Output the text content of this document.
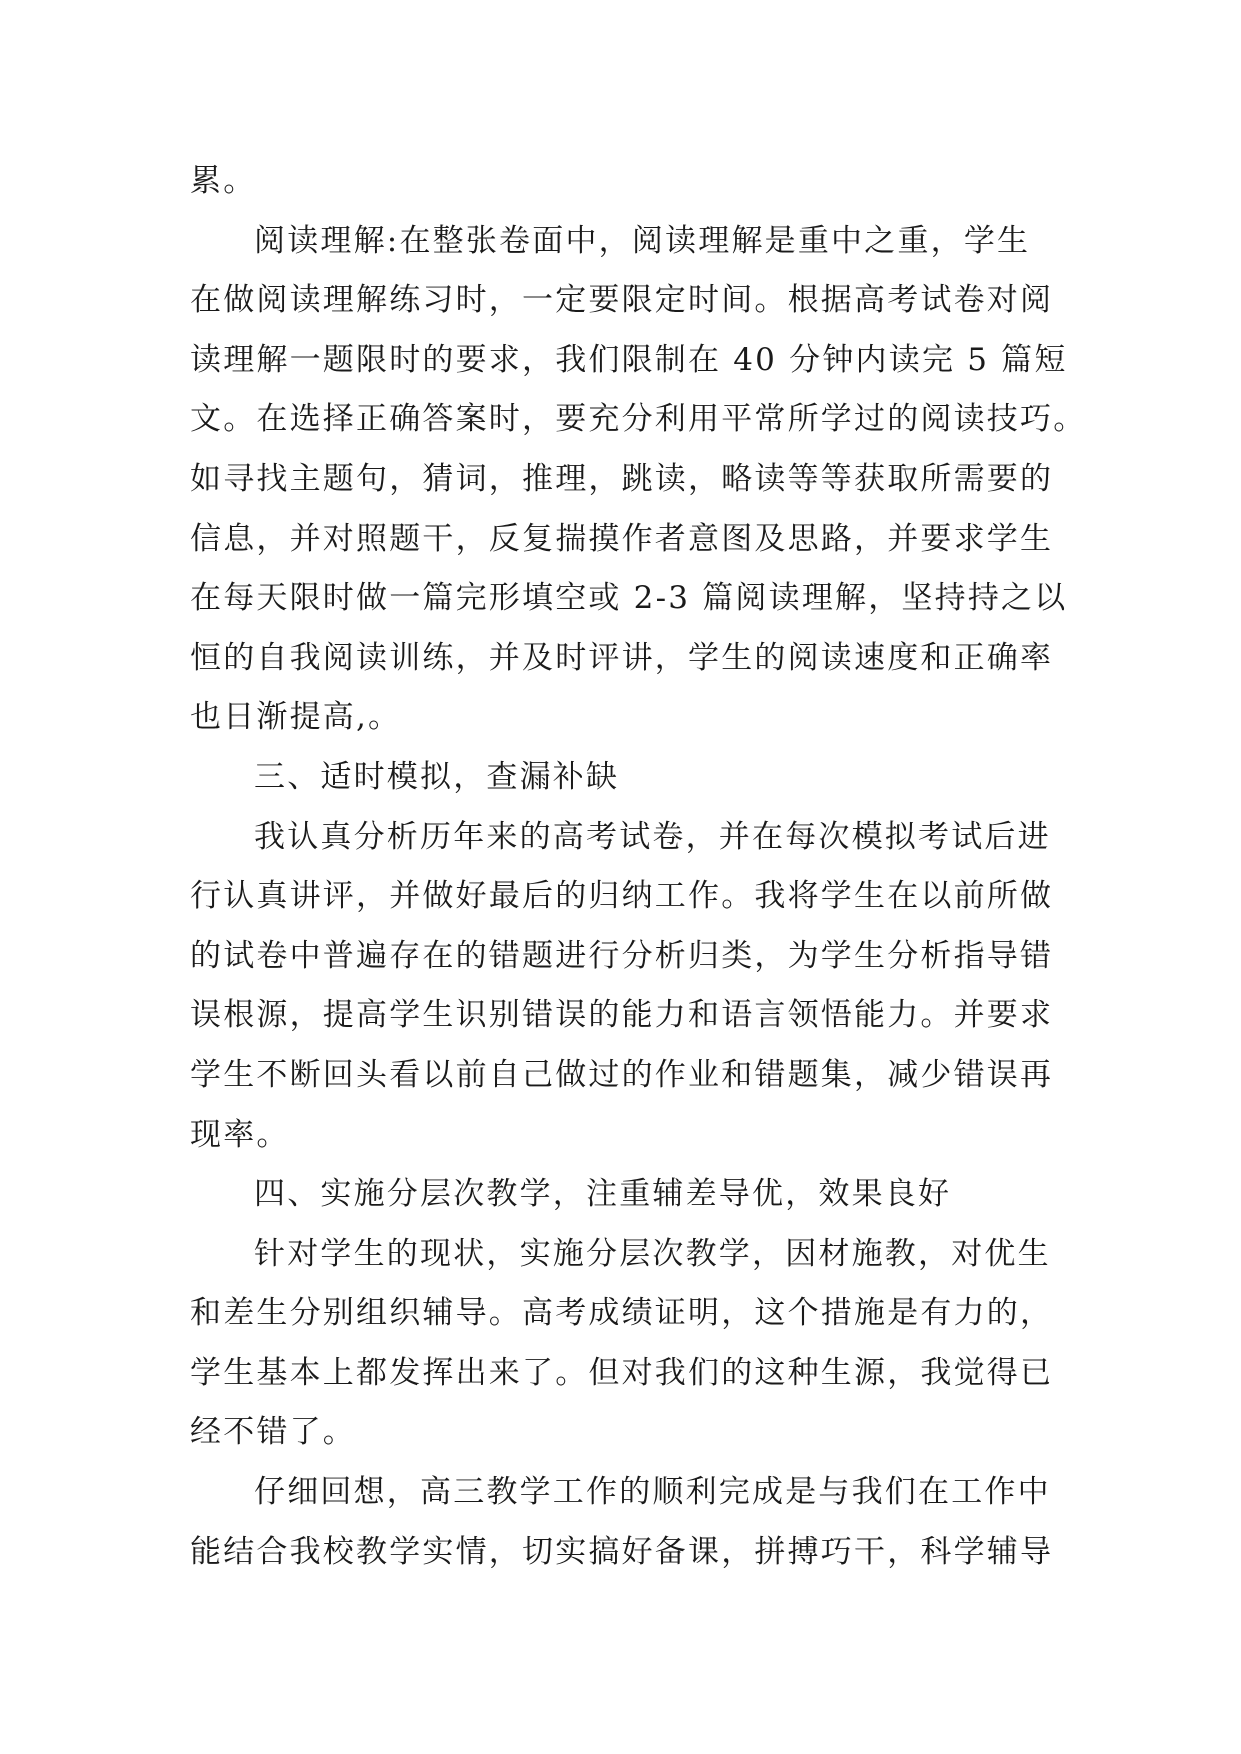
累。
阅读理解:在整张卷面中，阅读理解是重中之重，学生
在做阅读理解练习时，一定要限定时间。根据高考试卷对阅
读理解一题限时的要求，我们限制在 40 分钟内读完 5 篇短
文。在选择正确答案时，要充分利用平常所学过的阅读技巧。
如寻找主题句，猜词，推理，跳读，略读等等获取所需要的
信息，并对照题干，反复揣摸作者意图及思路，并要求学生
在每天限时做一篇完形填空或 2-3 篇阅读理解，坚持持之以
恒的自我阅读训练，并及时评讲，学生的阅读速度和正确率
也日渐提高,。
三、适时模拟，查漏补缺
我认真分析历年来的高考试卷，并在每次模拟考试后进
行认真讲评，并做好最后的归纳工作。我将学生在以前所做
的试卷中普遍存在的错题进行分析归类，为学生分析指导错
误根源，提高学生识别错误的能力和语言领悟能力。并要求
学生不断回头看以前自己做过的作业和错题集，减少错误再
现率。
四、实施分层次教学，注重辅差导优，效果良好
针对学生的现状，实施分层次教学，因材施教，对优生
和差生分别组织辅导。高考成绩证明，这个措施是有力的，
学生基本上都发挥出来了。但对我们的这种生源，我觉得已
经不错了。
仔细回想，高三教学工作的顺利完成是与我们在工作中
能结合我校教学实情，切实搞好备课，拼搏巧干，科学辅导
